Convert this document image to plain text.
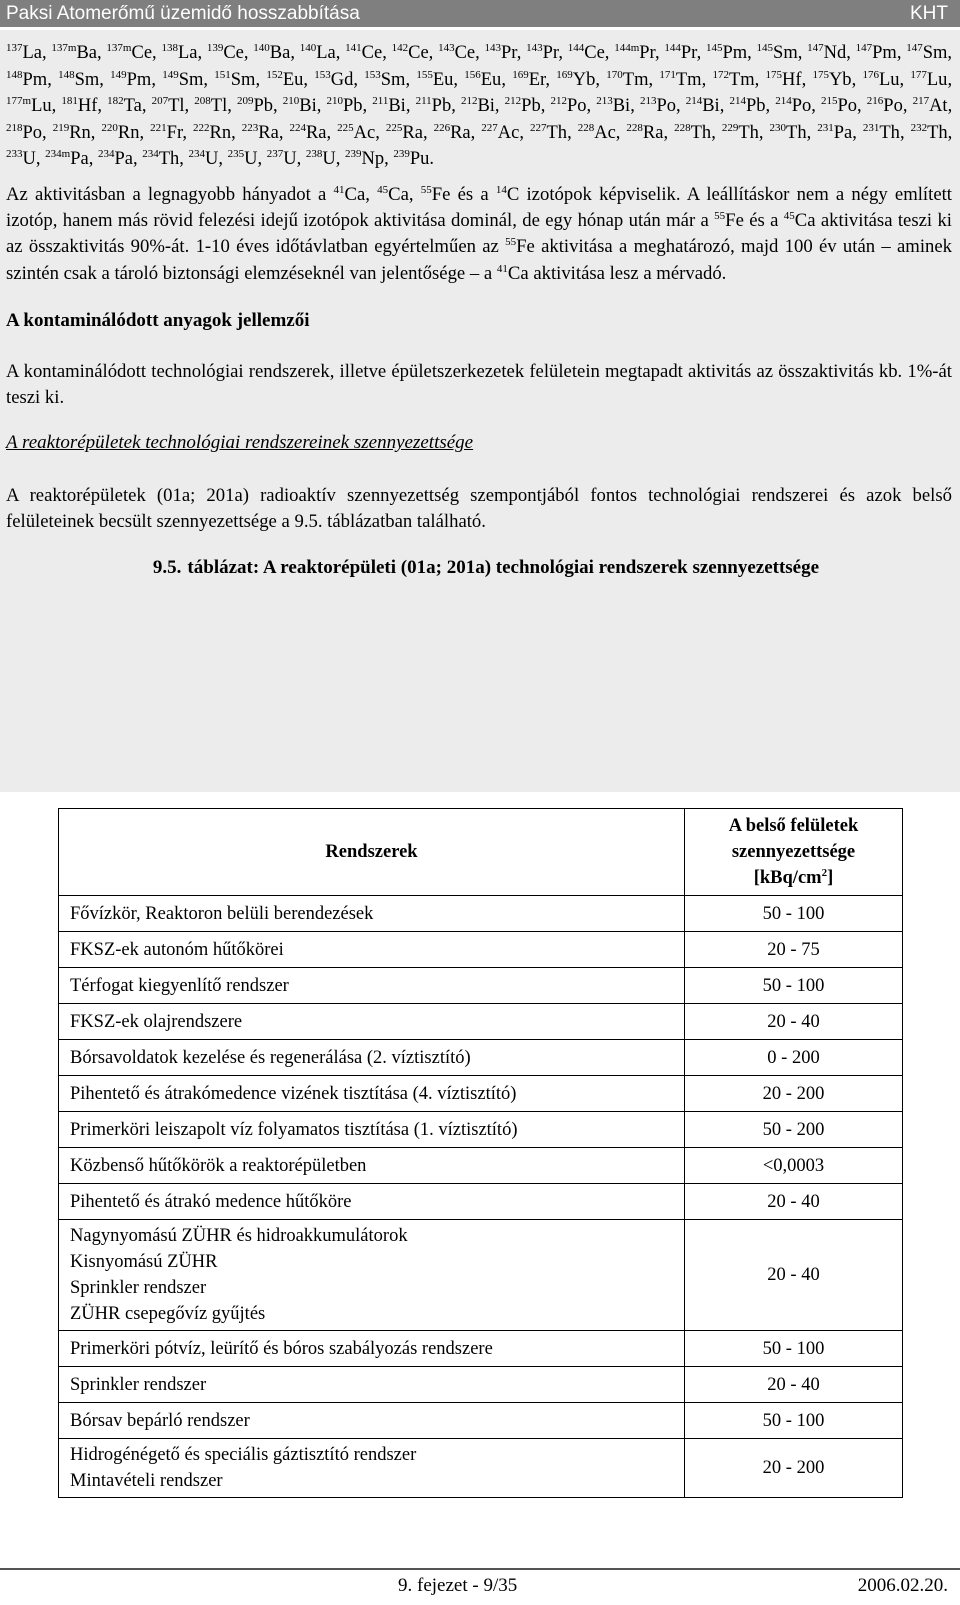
Paksi Atomerőmű üzemidő hosszabbítása	KHT

$^{137}$La, $^{137m}$Ba, $^{137m}$Ce, $^{138}$La, $^{139}$Ce, $^{140}$Ba, $^{140}$La, $^{141}$Ce, $^{142}$Ce, $^{143}$Ce, $^{143}$Pr, $^{143}$Pr, $^{144}$Ce, $^{144m}$Pr, $^{144}$Pr, $^{145}$Pm, $^{145}$Sm, $^{147}$Nd, $^{147}$Pm, $^{147}$Sm, $^{148}$Pm, $^{148}$Sm, $^{149}$Pm, $^{149}$Sm, $^{151}$Sm, $^{152}$Eu, $^{153}$Gd, $^{153}$Sm, $^{155}$Eu, $^{156}$Eu, $^{169}$Er, $^{169}$Yb, $^{170}$Tm, $^{171}$Tm, $^{172}$Tm, $^{175}$Hf, $^{175}$Yb, $^{176}$Lu, $^{177}$Lu, $^{177m}$Lu, $^{181}$Hf, $^{182}$Ta, $^{207}$Tl, $^{208}$Tl, $^{209}$Pb, $^{210}$Bi, $^{210}$Pb, $^{211}$Bi, $^{211}$Pb, $^{212}$Bi, $^{212}$Pb, $^{212}$Po, $^{213}$Bi, $^{213}$Po, $^{214}$Bi, $^{214}$Pb, $^{214}$Po, $^{215}$Po, $^{216}$Po, $^{217}$At, $^{218}$Po, $^{219}$Rn, $^{220}$Rn, $^{221}$Fr, $^{222}$Rn, $^{223}$Ra, $^{224}$Ra, $^{225}$Ac, $^{225}$Ra, $^{226}$Ra, $^{227}$Ac, $^{227}$Th, $^{228}$Ac, $^{228}$Ra, $^{228}$Th, $^{229}$Th, $^{230}$Th, $^{231}$Pa, $^{231}$Th, $^{232}$Th, $^{233}$U, $^{234m}$Pa, $^{234}$Pa, $^{234}$Th, $^{234}$U, $^{235}$U, $^{237}$U, $^{238}$U, $^{239}$Np, $^{239}$Pu.

Az aktivitásban a legnagyobb hányadot a $^{41}$Ca, $^{45}$Ca, $^{55}$Fe és a $^{14}$C izotópok képviselik. A leállításkor nem a négy említett izotóp, hanem más rövid felezési idejű izotópok aktivitása dominál, de egy hónap után már a $^{55}$Fe és a $^{45}$Ca aktivitása teszi ki az összaktivitás 90%-át. 1-10 éves időtávlatban egyértelműen az $^{55}$Fe aktivitása a meghatározó, majd 100 év után – aminek szintén csak a tároló biztonsági elemzéseknél van jelentősége – a $^{41}$Ca aktivitása lesz a mérvadó.

A kontaminálódott anyagok jellemzői

A kontaminálódott technológiai rendszerek, illetve épületszerkezetek felületein megtapadt aktivitás az összaktivitás kb. 1%-át teszi ki.

A reaktorépületek technológiai rendszereinek szennyezettsége

A reaktorépületek (01a; 201a) radioaktív szennyezettség szempontjából fontos technológiai rendszerei és azok belső felületeinek becsült szennyezettsége a 9.5. táblázatban található.

9.5. táblázat: A reaktorépületi (01a; 201a) technológiai rendszerek szennyezettsége

Rendszerek	A belső felületek
szennyezettsége
$[kBq/cm^2]$

Fővízkör, Reaktoron belüli berendezések	50 - 100

FKSZ-ek autonóm hűtőkörei	20 - 75

Térfogat kiegyenlítő rendszer	50 - 100

FKSZ-ek olajrendszere	20 - 40

Bórsavoldatok kezelése és regenerálása (2. víztisztító)	0 - 200

Pihentető és átrakómedence vizének tisztítása (4. víztisztító)	20 - 200

Primerköri leiszapolt víz folyamatos tisztítása (1. víztisztító)	50 - 200

Közbenső hűtőkörök a reaktorépületben	<0,0003

Pihentető és átrakó medence hűtőköre	20 - 40

Nagynyomású ZÜHR és hidroakkumulátorok
Kisnyomású ZÜHR
Sprinkler rendszer
ZÜHR csepegővíz gyűjtés	20 - 40

Primerköri pótvíz, leürítő és bóros szabályozás rendszere	50 - 100

Sprinkler rendszer	20 - 40

Bórsav bepárló rendszer	50 - 100

Hidrogénégető és speciális gáztisztító rendszer
Mintavételi rendszer	20 - 200
9. fejezet - 9/35	2006.02.20.
